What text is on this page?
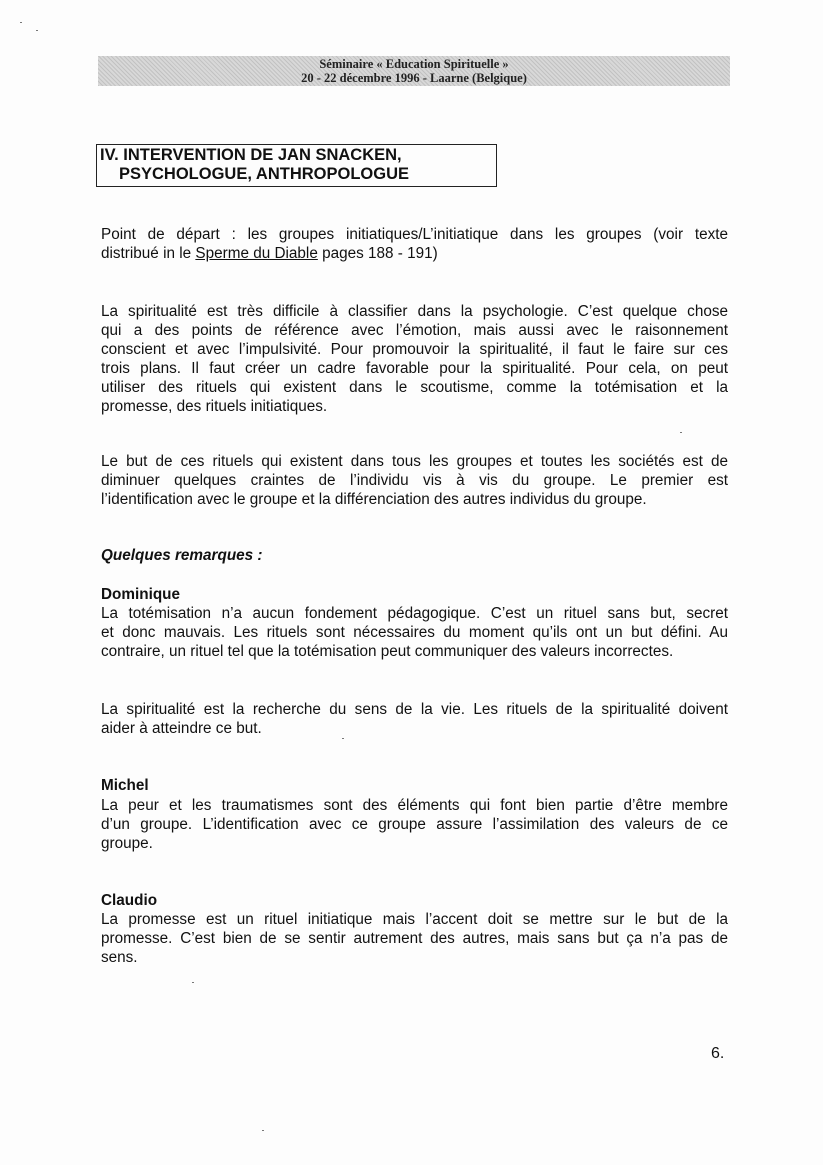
Séminaire « Education Spirituelle »
20 - 22 décembre 1996 - Laarne (Belgique)
IV. INTERVENTION DE JAN SNACKEN,
PSYCHOLOGUE, ANTHROPOLOGUE
Point de départ : les groupes initiatiques/L’initiatique dans les groupes (voir texte
distribué in le Sperme du Diable pages 188 - 191)
La spiritualité est très difficile à classifier dans la psychologie. C’est quelque chose
qui a des points de référence avec l’émotion, mais aussi avec le raisonnement
conscient et avec l’impulsivité. Pour promouvoir la spiritualité, il faut le faire sur ces
trois plans. Il faut créer un cadre favorable pour la spiritualité. Pour cela, on peut
utiliser des rituels qui existent dans le scoutisme, comme la totémisation et la
promesse, des rituels initiatiques.
Le but de ces rituels qui existent dans tous les groupes et toutes les sociétés est de
diminuer quelques craintes de l’individu vis à vis du groupe. Le premier est
l’identification avec le groupe et la différenciation des autres individus du groupe.
Quelques remarques :
Dominique
La totémisation n’a aucun fondement pédagogique. C’est un rituel sans but, secret
et donc mauvais. Les rituels sont nécessaires du moment qu’ils ont un but défini. Au
contraire, un rituel tel que la totémisation peut communiquer des valeurs incorrectes.
La spiritualité est la recherche du sens de la vie. Les rituels de la spiritualité doivent
aider à atteindre ce but.
Michel
La peur et les traumatismes sont des éléments qui font bien partie d’être membre
d’un groupe. L’identification avec ce groupe assure l’assimilation des valeurs de ce
groupe.
Claudio
La promesse est un rituel initiatique mais l’accent doit se mettre sur le but de la
promesse. C’est bien de se sentir autrement des autres, mais sans but ça n’a pas de
sens.
6.
